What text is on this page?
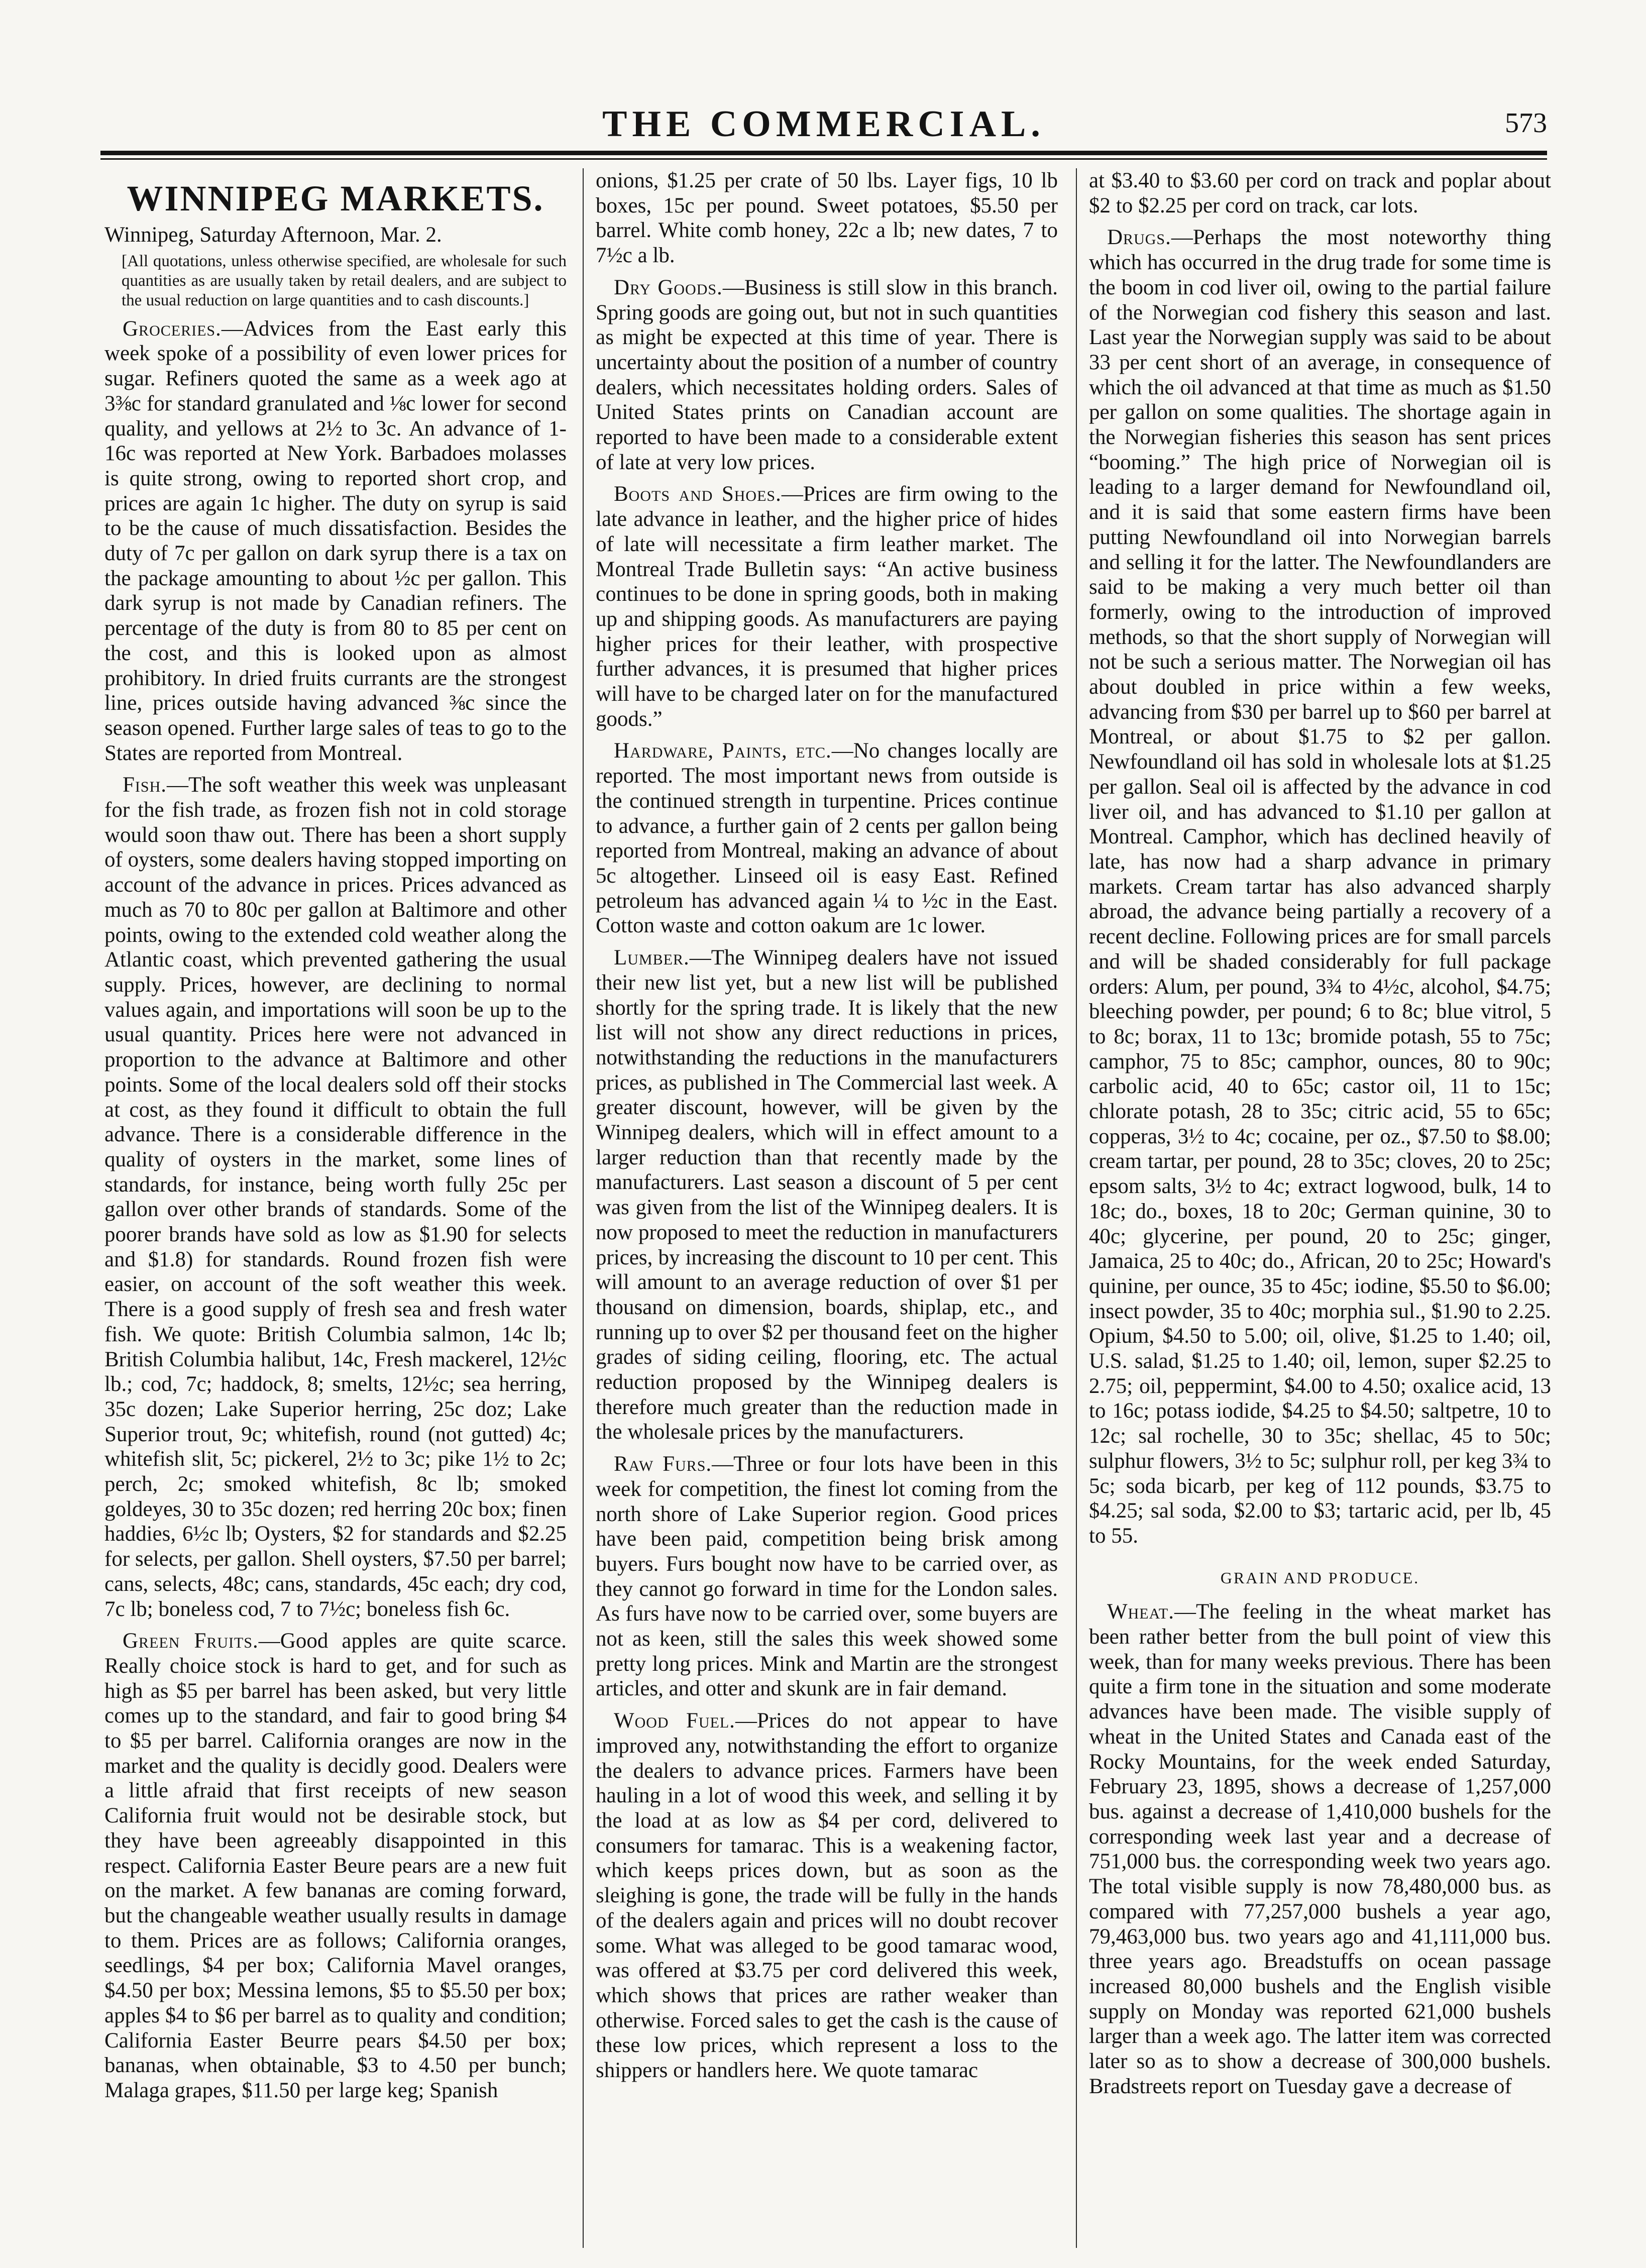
THE COMMERCIAL.	573
WINNIPEG MARKETS.

Winnipeg, Saturday Afternoon, Mar. 2.

[All quotations, unless otherwise specified, are wholesale for such quantities as are usually taken by retail dealers, and are subject to the usual reduction on large quantities and to cash discounts.]

Groceries.—Advices from the East early this week spoke of a possibility of even lower prices for sugar. Refiners quoted the same as a week ago at 3⅜c for standard granulated and ⅛c lower for second quality, and yellows at 2½ to 3c. An advance of 1-16c was reported at New York. Barbadoes molasses is quite strong, owing to reported short crop, and prices are again 1c higher. The duty on syrup is said to be the cause of much dissatisfaction. Besides the duty of 7c per gallon on dark syrup there is a tax on the package amounting to about ½c per gallon. This dark syrup is not made by Canadian refiners. The percentage of the duty is from 80 to 85 per cent on the cost, and this is looked upon as almost prohibitory. In dried fruits currants are the strongest line, prices outside having advanced ⅜c since the season opened. Further large sales of teas to go to the States are reported from Montreal.

Fish.—The soft weather this week was unpleasant for the fish trade, as frozen fish not in cold storage would soon thaw out. There has been a short supply of oysters, some dealers having stopped importing on account of the advance in prices. Prices advanced as much as 70 to 80c per gallon at Baltimore and other points, owing to the extended cold weather along the Atlantic coast, which prevented gathering the usual supply. Prices, however, are declining to normal values again, and importations will soon be up to the usual quantity. Prices here were not advanced in proportion to the advance at Baltimore and other points. Some of the local dealers sold off their stocks at cost, as they found it difficult to obtain the full advance. There is a considerable difference in the quality of oysters in the market, some lines of standards, for instance, being worth fully 25c per gallon over other brands of standards. Some of the poorer brands have sold as low as $1.90 for selects and $1.8) for standards. Round frozen fish were easier, on account of the soft weather this week. There is a good supply of fresh sea and fresh water fish. We quote: British Columbia salmon, 14c lb; British Columbia halibut, 14c, Fresh mackerel, 12½c lb.; cod, 7c; haddock, 8; smelts, 12½c; sea herring, 35c dozen; Lake Superior herring, 25c doz; Lake Superior trout, 9c; whitefish, round (not gutted) 4c; whitefish slit, 5c; pickerel, 2½ to 3c; pike 1½ to 2c; perch, 2c; smoked whitefish, 8c lb; smoked goldeyes, 30 to 35c dozen; red herring 20c box; finen haddies, 6½c lb; Oysters, $2 for standards and $2.25 for selects, per gallon. Shell oysters, $7.50 per barrel; cans, selects, 48c; cans, standards, 45c each; dry cod, 7c lb; boneless cod, 7 to 7½c; boneless fish 6c.

Green Fruits.—Good apples are quite scarce. Really choice stock is hard to get, and for such as high as $5 per barrel has been asked, but very little comes up to the standard, and fair to good bring $4 to $5 per barrel. California oranges are now in the market and the quality is decidly good. Dealers were a little afraid that first receipts of new season California fruit would not be desirable stock, but they have been agreeably disappointed in this respect. California Easter Beure pears are a new fuit on the market. A few bananas are coming forward, but the changeable weather usually results in damage to them. Prices are as follows; California oranges, seedlings, $4 per box; California Mavel oranges, $4.50 per box; Messina lemons, $5 to $5.50 per box; apples $4 to $6 per barrel as to quality and condition; California Easter Beurre pears $4.50 per box; bananas, when obtainable, $3 to 4.50 per bunch; Malaga grapes, $11.50 per large keg; Spanish

onions, $1.25 per crate of 50 lbs. Layer figs, 10 lb boxes, 15c per pound. Sweet potatoes, $5.50 per barrel. White comb honey, 22c a lb; new dates, 7 to 7½c a lb.

Dry Goods.—Business is still slow in this branch. Spring goods are going out, but not in such quantities as might be expected at this time of year. There is uncertainty about the position of a number of country dealers, which necessitates holding orders. Sales of United States prints on Canadian account are reported to have been made to a considerable extent of late at very low prices.

Boots and Shoes.—Prices are firm owing to the late advance in leather, and the higher price of hides of late will necessitate a firm leather market. The Montreal Trade Bulletin says: “An active business continues to be done in spring goods, both in making up and shipping goods. As manufacturers are paying higher prices for their leather, with prospective further advances, it is presumed that higher prices will have to be charged later on for the manufactured goods.”

Hardware, Paints, etc.—No changes locally are reported. The most important news from outside is the continued strength in turpentine. Prices continue to advance, a further gain of 2 cents per gallon being reported from Montreal, making an advance of about 5c altogether. Linseed oil is easy East. Refined petroleum has advanced again ¼ to ½c in the East. Cotton waste and cotton oakum are 1c lower.

Lumber.—The Winnipeg dealers have not issued their new list yet, but a new list will be published shortly for the spring trade. It is likely that the new list will not show any direct reductions in prices, notwithstanding the reductions in the manufacturers prices, as published in The Commercial last week. A greater discount, however, will be given by the Winnipeg dealers, which will in effect amount to a larger reduction than that recently made by the manufacturers. Last season a discount of 5 per cent was given from the list of the Winnipeg dealers. It is now proposed to meet the reduction in manufacturers prices, by increasing the discount to 10 per cent. This will amount to an average reduction of over $1 per thousand on dimension, boards, shiplap, etc., and running up to over $2 per thousand feet on the higher grades of siding ceiling, flooring, etc. The actual reduction proposed by the Winnipeg dealers is therefore much greater than the reduction made in the wholesale prices by the manufacturers.

Raw Furs.—Three or four lots have been in this week for competition, the finest lot coming from the north shore of Lake Superior region. Good prices have been paid, competition being brisk among buyers. Furs bought now have to be carried over, as they cannot go forward in time for the London sales. As furs have now to be carried over, some buyers are not as keen, still the sales this week showed some pretty long prices. Mink and Martin are the strongest articles, and otter and skunk are in fair demand.

Wood Fuel.—Prices do not appear to have improved any, notwithstanding the effort to organize the dealers to advance prices. Farmers have been hauling in a lot of wood this week, and selling it by the load at as low as $4 per cord, delivered to consumers for tamarac. This is a weakening factor, which keeps prices down, but as soon as the sleighing is gone, the trade will be fully in the hands of the dealers again and prices will no doubt recover some. What was alleged to be good tamarac wood, was offered at $3.75 per cord delivered this week, which shows that prices are rather weaker than otherwise. Forced sales to get the cash is the cause of these low prices, which represent a loss to the shippers or handlers here. We quote tamarac

at $3.40 to $3.60 per cord on track and poplar about $2 to $2.25 per cord on track, car lots.

Drugs.—Perhaps the most noteworthy thing which has occurred in the drug trade for some time is the boom in cod liver oil, owing to the partial failure of the Norwegian cod fishery this season and last. Last year the Norwegian supply was said to be about 33 per cent short of an average, in consequence of which the oil advanced at that time as much as $1.50 per gallon on some qualities. The shortage again in the Norwegian fisheries this season has sent prices “booming.” The high price of Norwegian oil is leading to a larger demand for Newfoundland oil, and it is said that some eastern firms have been putting Newfoundland oil into Norwegian barrels and selling it for the latter. The Newfoundlanders are said to be making a very much better oil than formerly, owing to the introduction of improved methods, so that the short supply of Norwegian will not be such a serious matter. The Norwegian oil has about doubled in price within a few weeks, advancing from $30 per barrel up to $60 per barrel at Montreal, or about $1.75 to $2 per gallon. Newfoundland oil has sold in wholesale lots at $1.25 per gallon. Seal oil is affected by the advance in cod liver oil, and has advanced to $1.10 per gallon at Montreal. Camphor, which has declined heavily of late, has now had a sharp advance in primary markets. Cream tartar has also advanced sharply abroad, the advance being partially a recovery of a recent decline. Following prices are for small parcels and will be shaded considerably for full package orders: Alum, per pound, 3¾ to 4½c, alcohol, $4.75; bleeching powder, per pound; 6 to 8c; blue vitrol, 5 to 8c; borax, 11 to 13c; bromide potash, 55 to 75c; camphor, 75 to 85c; camphor, ounces, 80 to 90c; carbolic acid, 40 to 65c; castor oil, 11 to 15c; chlorate potash, 28 to 35c; citric acid, 55 to 65c; copperas, 3½ to 4c; cocaine, per oz., $7.50 to $8.00; cream tartar, per pound, 28 to 35c; cloves, 20 to 25c; epsom salts, 3½ to 4c; extract logwood, bulk, 14 to 18c; do., boxes, 18 to 20c; German quinine, 30 to 40c; glycerine, per pound, 20 to 25c; ginger, Jamaica, 25 to 40c; do., African, 20 to 25c; Howard's quinine, per ounce, 35 to 45c; iodine, $5.50 to $6.00; insect powder, 35 to 40c; morphia sul., $1.90 to 2.25. Opium, $4.50 to 5.00; oil, olive, $1.25 to 1.40; oil, U.S. salad, $1.25 to 1.40; oil, lemon, super $2.25 to 2.75; oil, peppermint, $4.00 to 4.50; oxalice acid, 13 to 16c; potass iodide, $4.25 to $4.50; saltpetre, 10 to 12c; sal rochelle, 30 to 35c; shellac, 45 to 50c; sulphur flowers, 3½ to 5c; sulphur roll, per keg 3¾ to 5c; soda bicarb, per keg of 112 pounds, $3.75 to $4.25; sal soda, $2.00 to $3; tartaric acid, per lb, 45 to 55.

GRAIN AND PRODUCE.

Wheat.—The feeling in the wheat market has been rather better from the bull point of view this week, than for many weeks previous. There has been quite a firm tone in the situation and some moderate advances have been made. The visible supply of wheat in the United States and Canada east of the Rocky Mountains, for the week ended Saturday, February 23, 1895, shows a decrease of 1,257,000 bus. against a decrease of 1,410,000 bushels for the corresponding week last year and a decrease of 751,000 bus. the corresponding week two years ago. The total visible supply is now 78,480,000 bus. as compared with 77,257,000 bushels a year ago, 79,463,000 bus. two years ago and 41,111,000 bus. three years ago. Breadstuffs on ocean passage increased 80,000 bushels and the English visible supply on Monday was reported 621,000 bushels larger than a week ago. The latter item was corrected later so as to show a decrease of 300,000 bushels. Bradstreets report on Tuesday gave a decrease of
